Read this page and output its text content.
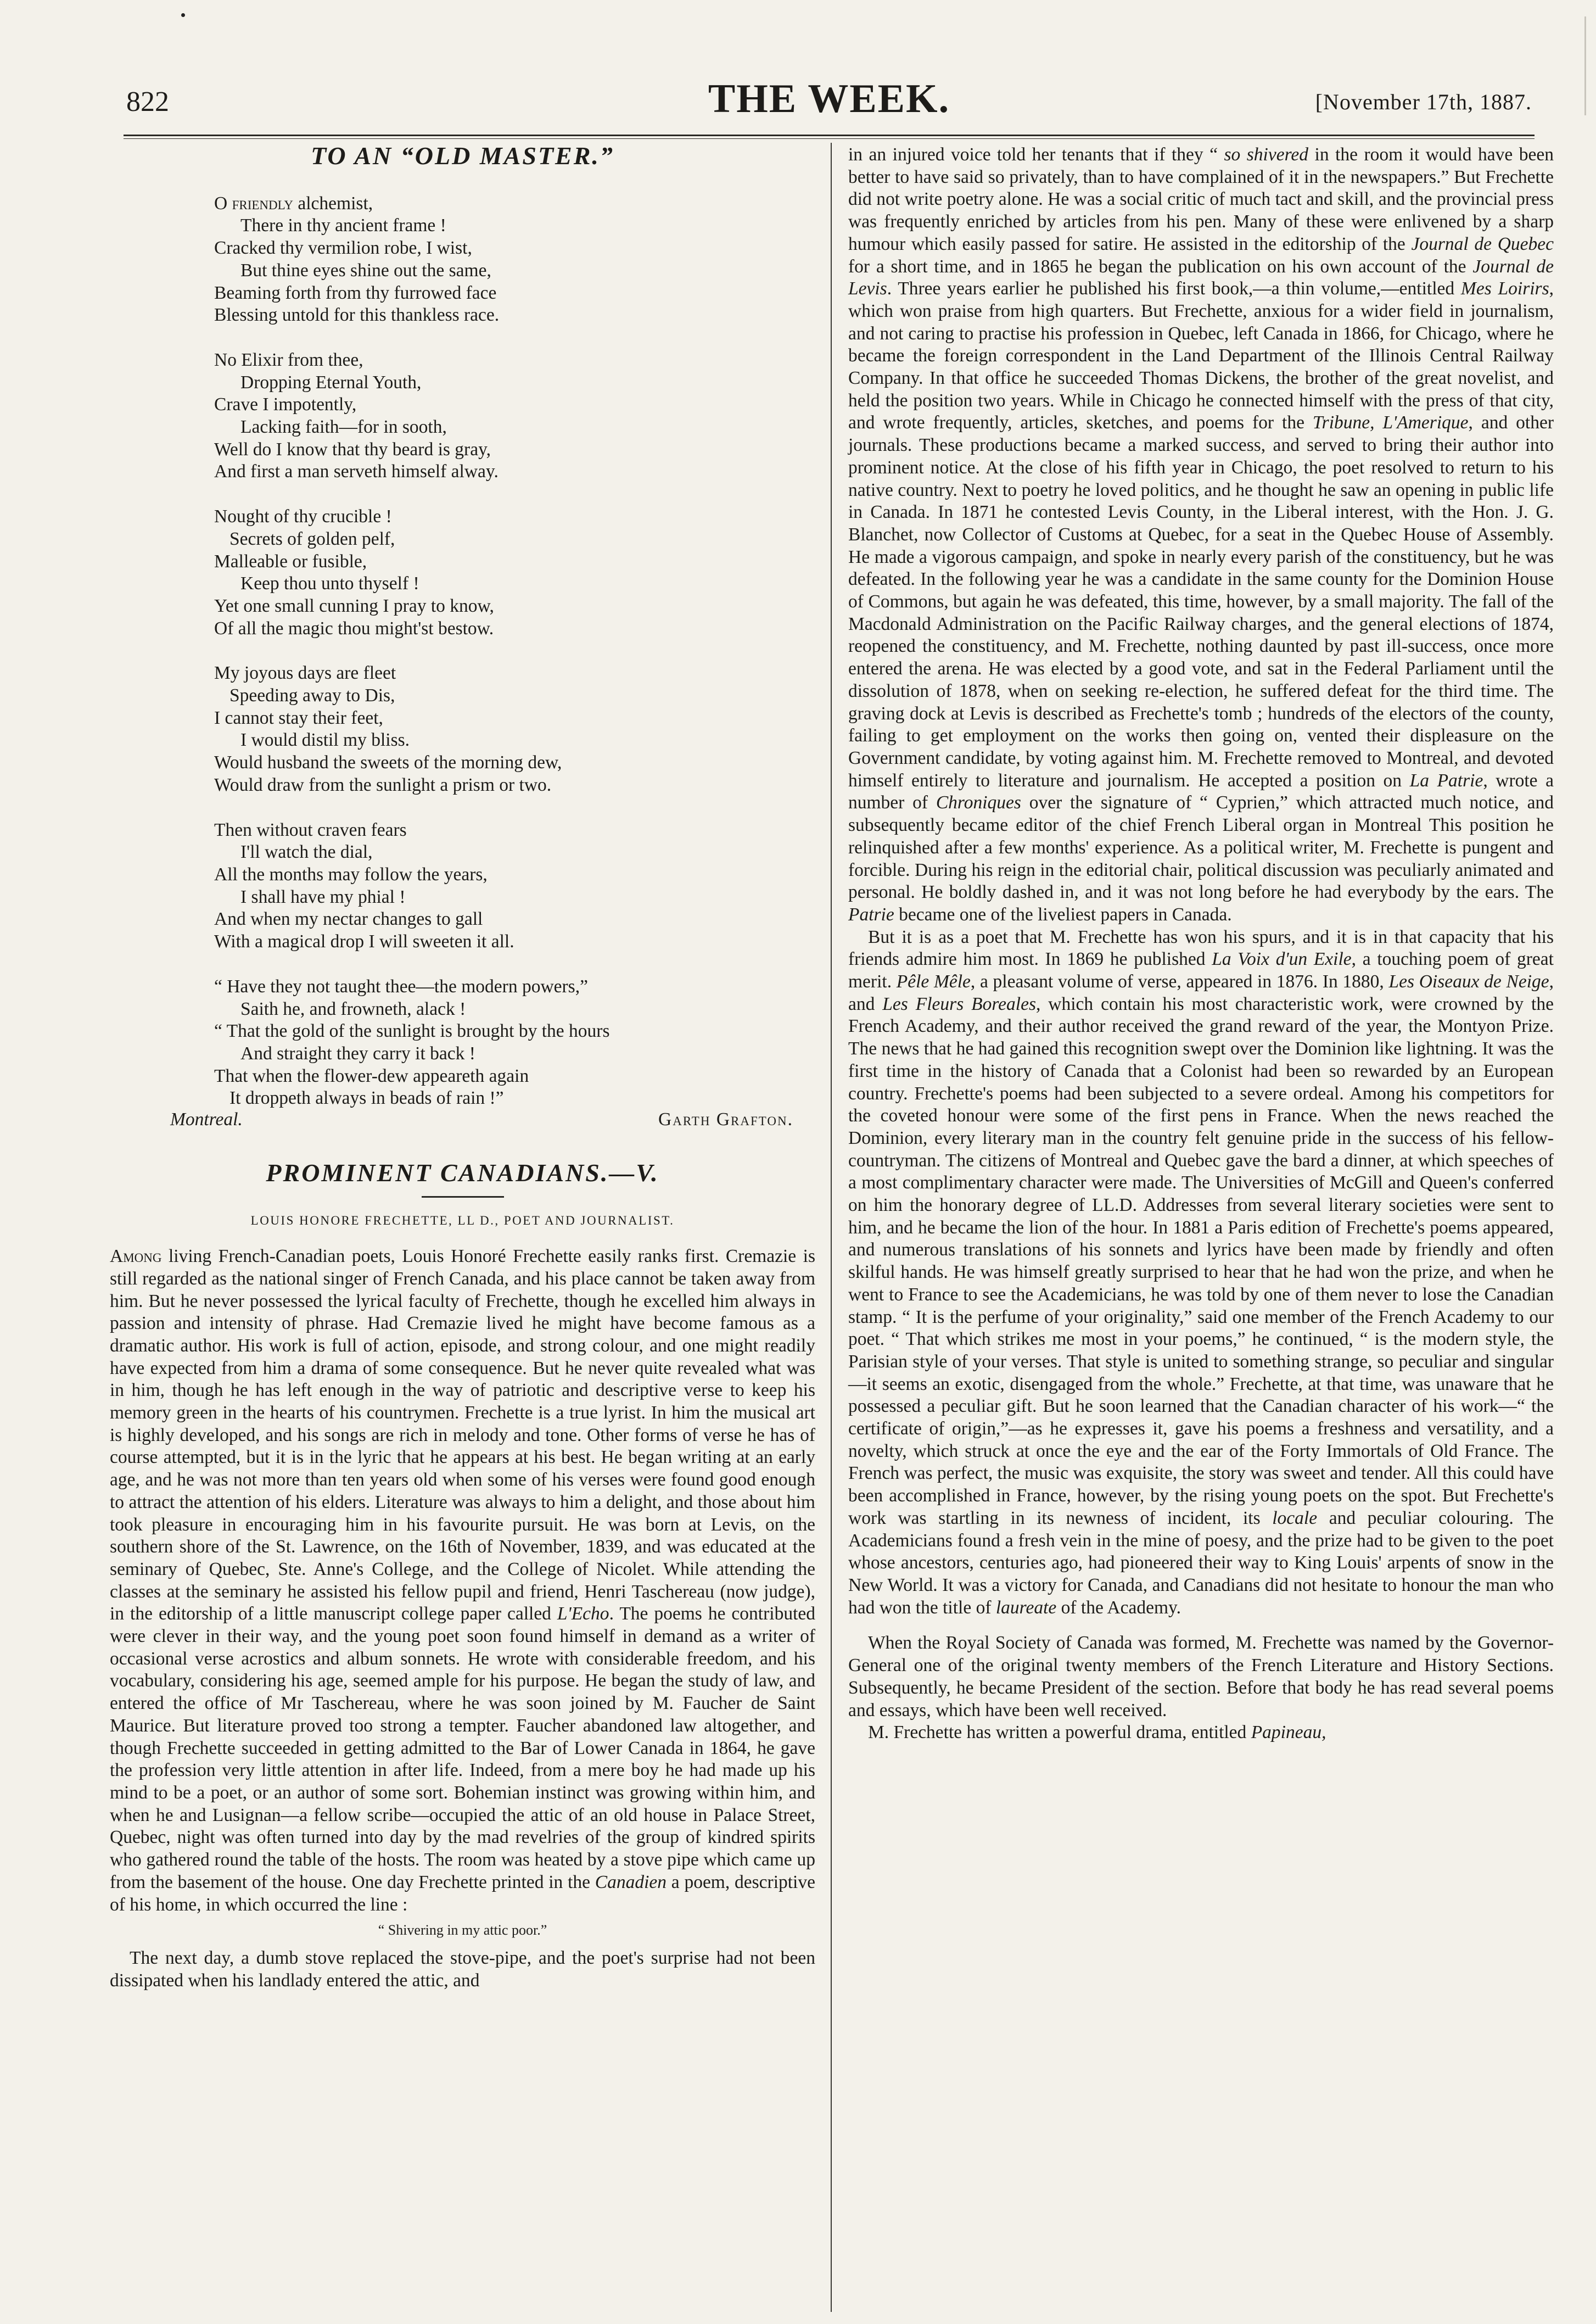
822	THE WEEK.	[November 17th, 1887.
TO AN “OLD MASTER.”
O friendly alchemist,
There in thy ancient frame !
Cracked thy vermilion robe, I wist,
But thine eyes shine out the same,
Beaming forth from thy furrowed face
Blessing untold for this thankless race.
No Elixir from thee,
Dropping Eternal Youth,
Crave I impotently,
Lacking faith—for in sooth,
Well do I know that thy beard is gray,
And first a man serveth himself alway.
Nought of thy crucible !
Secrets of golden pelf,
Malleable or fusible,
Keep thou unto thyself !
Yet one small cunning I pray to know,
Of all the magic thou might'st bestow.
My joyous days are fleet
Speeding away to Dis,
I cannot stay their feet,
I would distil my bliss.
Would husband the sweets of the morning dew,
Would draw from the sunlight a prism or two.
Then without craven fears
I'll watch the dial,
All the months may follow the years,
I shall have my phial !
And when my nectar changes to gall
With a magical drop I will sweeten it all.
“ Have they not taught thee—the modern powers,”
Saith he, and frowneth, alack !
“ That the gold of the sunlight is brought by the hours
And straight they carry it back !
That when the flower-dew appeareth again
It droppeth always in beads of rain !”
Montreal.	Garth Grafton.
PROMINENT CANADIANS.—V.
LOUIS HONORE FRECHETTE, LL D., POET AND JOURNALIST.

Among living French-Canadian poets, Louis Honoré Frechette easily ranks first. Cremazie is still regarded as the national singer of French Canada, and his place cannot be taken away from him. But he never possessed the lyrical faculty of Frechette, though he excelled him always in passion and intensity of phrase. Had Cremazie lived he might have become famous as a dramatic author. His work is full of action, episode, and strong colour, and one might readily have expected from him a drama of some consequence. But he never quite revealed what was in him, though he has left enough in the way of patriotic and descriptive verse to keep his memory green in the hearts of his countrymen. Frechette is a true lyrist. In him the musical art is highly developed, and his songs are rich in melody and tone. Other forms of verse he has of course attempted, but it is in the lyric that he appears at his best. He began writing at an early age, and he was not more than ten years old when some of his verses were found good enough to attract the attention of his elders. Literature was always to him a delight, and those about him took pleasure in encouraging him in his favourite pursuit. He was born at Levis, on the southern shore of the St. Lawrence, on the 16th of November, 1839, and was educated at the seminary of Quebec, Ste. Anne's College, and the College of Nicolet. While attending the classes at the seminary he assisted his fellow pupil and friend, Henri Taschereau (now judge), in the editorship of a little manuscript college paper called L'Echo. The poems he contributed were clever in their way, and the young poet soon found himself in demand as a writer of occasional verse acrostics and album sonnets. He wrote with considerable freedom, and his vocabulary, considering his age, seemed ample for his purpose. He began the study of law, and entered the office of Mr Taschereau, where he was soon joined by M. Faucher de Saint Maurice. But literature proved too strong a tempter. Faucher abandoned law altogether, and though Frechette succeeded in getting admitted to the Bar of Lower Canada in 1864, he gave the profession very little attention in after life. Indeed, from a mere boy he had made up his mind to be a poet, or an author of some sort. Bohemian instinct was growing within him, and when he and Lusignan—a fellow scribe—occupied the attic of an old house in Palace Street, Quebec, night was often turned into day by the mad revelries of the group of kindred spirits who gathered round the table of the hosts. The room was heated by a stove pipe which came up from the basement of the house. One day Frechette printed in the Canadien a poem, descriptive of his home, in which occurred the line :

“ Shivering in my attic poor.”

The next day, a dumb stove replaced the stove-pipe, and the poet's surprise had not been dissipated when his landlady entered the attic, and

in an injured voice told her tenants that if they “ so shivered in the room it would have been better to have said so privately, than to have complained of it in the newspapers.” But Frechette did not write poetry alone. He was a social critic of much tact and skill, and the provincial press was frequently enriched by articles from his pen. Many of these were enlivened by a sharp humour which easily passed for satire. He assisted in the editorship of the Journal de Quebec for a short time, and in 1865 he began the publication on his own account of the Journal de Levis. Three years earlier he published his first book,—a thin volume,—entitled Mes Loirirs, which won praise from high quarters. But Frechette, anxious for a wider field in journalism, and not caring to practise his profession in Quebec, left Canada in 1866, for Chicago, where he became the foreign correspondent in the Land Department of the Illinois Central Railway Company. In that office he succeeded Thomas Dickens, the brother of the great novelist, and held the position two years. While in Chicago he connected himself with the press of that city, and wrote frequently, articles, sketches, and poems for the Tribune, L'Amerique, and other journals. These productions became a marked success, and served to bring their author into prominent notice. At the close of his fifth year in Chicago, the poet resolved to return to his native country. Next to poetry he loved politics, and he thought he saw an opening in public life in Canada. In 1871 he contested Levis County, in the Liberal interest, with the Hon. J. G. Blanchet, now Collector of Customs at Quebec, for a seat in the Quebec House of Assembly. He made a vigorous campaign, and spoke in nearly every parish of the constituency, but he was defeated. In the following year he was a candidate in the same county for the Dominion House of Commons, but again he was defeated, this time, however, by a small majority. The fall of the Macdonald Administration on the Pacific Railway charges, and the general elections of 1874, reopened the constituency, and M. Frechette, nothing daunted by past ill-success, once more entered the arena. He was elected by a good vote, and sat in the Federal Parliament until the dissolution of 1878, when on seeking re-election, he suffered defeat for the third time. The graving dock at Levis is described as Frechette's tomb ; hundreds of the electors of the county, failing to get employment on the works then going on, vented their displeasure on the Government candidate, by voting against him. M. Frechette removed to Montreal, and devoted himself entirely to literature and journalism. He accepted a position on La Patrie, wrote a number of Chroniques over the signature of “ Cyprien,” which attracted much notice, and subsequently became editor of the chief French Liberal organ in Montreal This position he relinquished after a few months' experience. As a political writer, M. Frechette is pungent and forcible. During his reign in the editorial chair, political discussion was peculiarly animated and personal. He boldly dashed in, and it was not long before he had everybody by the ears. The Patrie became one of the liveliest papers in Canada.

But it is as a poet that M. Frechette has won his spurs, and it is in that capacity that his friends admire him most. In 1869 he published La Voix d'un Exile, a touching poem of great merit. Pêle Mêle, a pleasant volume of verse, appeared in 1876. In 1880, Les Oiseaux de Neige, and Les Fleurs Boreales, which contain his most characteristic work, were crowned by the French Academy, and their author received the grand reward of the year, the Montyon Prize. The news that he had gained this recognition swept over the Dominion like lightning. It was the first time in the history of Canada that a Colonist had been so rewarded by an European country. Frechette's poems had been subjected to a severe ordeal. Among his competitors for the coveted honour were some of the first pens in France. When the news reached the Dominion, every literary man in the country felt genuine pride in the success of his fellow-countryman. The citizens of Montreal and Quebec gave the bard a dinner, at which speeches of a most complimentary character were made. The Universities of McGill and Queen's conferred on him the honorary degree of LL.D. Addresses from several literary societies were sent to him, and he became the lion of the hour. In 1881 a Paris edition of Frechette's poems appeared, and numerous translations of his sonnets and lyrics have been made by friendly and often skilful hands. He was himself greatly surprised to hear that he had won the prize, and when he went to France to see the Academicians, he was told by one of them never to lose the Canadian stamp. “ It is the perfume of your originality,” said one member of the French Academy to our poet. “ That which strikes me most in your poems,” he continued, “ is the modern style, the Parisian style of your verses. That style is united to something strange, so peculiar and singular—it seems an exotic, disengaged from the whole.” Frechette, at that time, was unaware that he possessed a peculiar gift. But he soon learned that the Canadian character of his work—“ the certificate of origin,”—as he expresses it, gave his poems a freshness and versatility, and a novelty, which struck at once the eye and the ear of the Forty Immortals of Old France. The French was perfect, the music was exquisite, the story was sweet and tender. All this could have been accomplished in France, however, by the rising young poets on the spot. But Frechette's work was startling in its newness of incident, its locale and peculiar colouring. The Academicians found a fresh vein in the mine of poesy, and the prize had to be given to the poet whose ancestors, centuries ago, had pioneered their way to King Louis' arpents of snow in the New World. It was a victory for Canada, and Canadians did not hesitate to honour the man who had won the title of laureate of the Academy.

When the Royal Society of Canada was formed, M. Frechette was named by the Governor-General one of the original twenty members of the French Literature and History Sections. Subsequently, he became President of the section. Before that body he has read several poems and essays, which have been well received.

M. Frechette has written a powerful drama, entitled Papineau,
